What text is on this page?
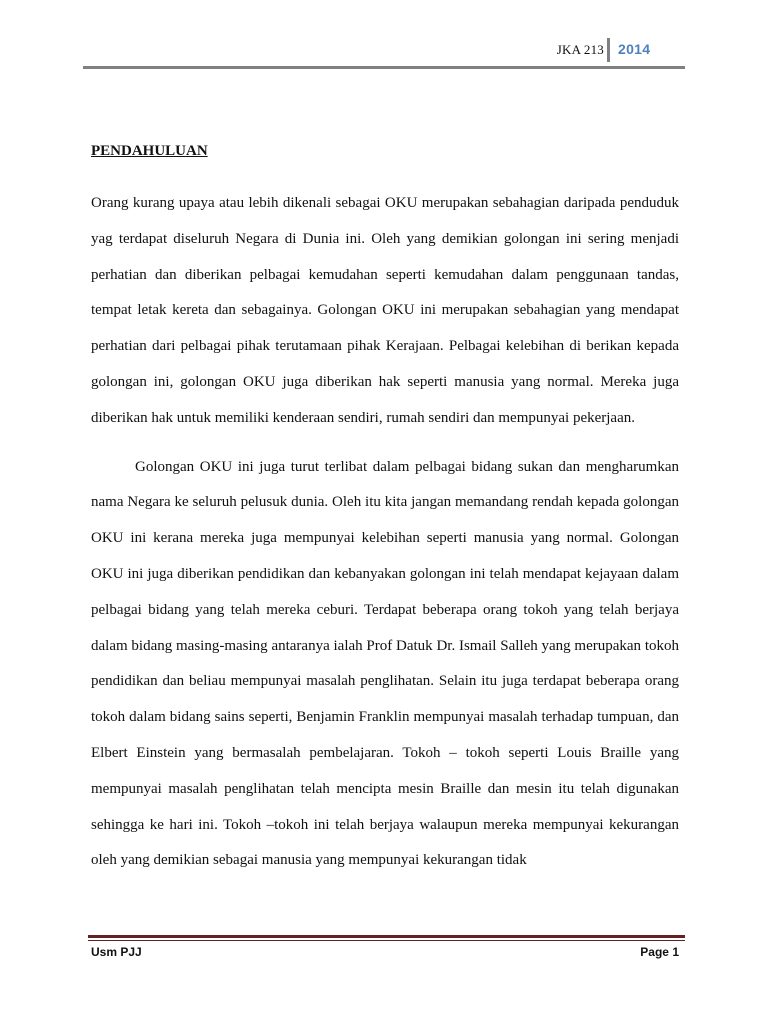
JKA 213 2014
PENDAHULUAN

Orang kurang upaya atau lebih dikenali sebagai OKU merupakan sebahagian daripada penduduk yag terdapat diseluruh Negara di Dunia ini. Oleh yang demikian golongan ini sering menjadi perhatian dan diberikan pelbagai kemudahan seperti kemudahan dalam penggunaan tandas, tempat letak kereta dan sebagainya. Golongan OKU ini merupakan sebahagian yang mendapat perhatian dari pelbagai pihak terutamaan pihak Kerajaan. Pelbagai kelebihan di berikan kepada golongan ini, golongan OKU juga diberikan hak seperti manusia yang normal. Mereka juga diberikan hak untuk memiliki kenderaan sendiri, rumah sendiri dan mempunyai pekerjaan.

Golongan OKU ini juga turut terlibat dalam pelbagai bidang sukan dan mengharumkan nama Negara ke seluruh pelusuk dunia. Oleh itu kita jangan memandang rendah kepada golongan OKU ini kerana mereka juga mempunyai kelebihan seperti manusia yang normal. Golongan OKU ini juga diberikan pendidikan dan kebanyakan golongan ini telah mendapat kejayaan dalam pelbagai bidang yang telah mereka ceburi. Terdapat beberapa orang tokoh yang telah berjaya dalam bidang masing-masing antaranya ialah Prof Datuk Dr. Ismail Salleh yang merupakan tokoh pendidikan dan beliau mempunyai masalah penglihatan. Selain itu juga terdapat beberapa orang tokoh dalam bidang sains seperti, Benjamin Franklin mempunyai masalah terhadap tumpuan, dan Elbert Einstein yang bermasalah pembelajaran. Tokoh – tokoh seperti Louis Braille yang mempunyai masalah penglihatan telah mencipta mesin Braille dan mesin itu telah digunakan sehingga ke hari ini. Tokoh –tokoh ini telah berjaya walaupun mereka mempunyai kekurangan oleh yang demikian sebagai manusia yang mempunyai kekurangan tidak

Usm PJJ	Page 1
